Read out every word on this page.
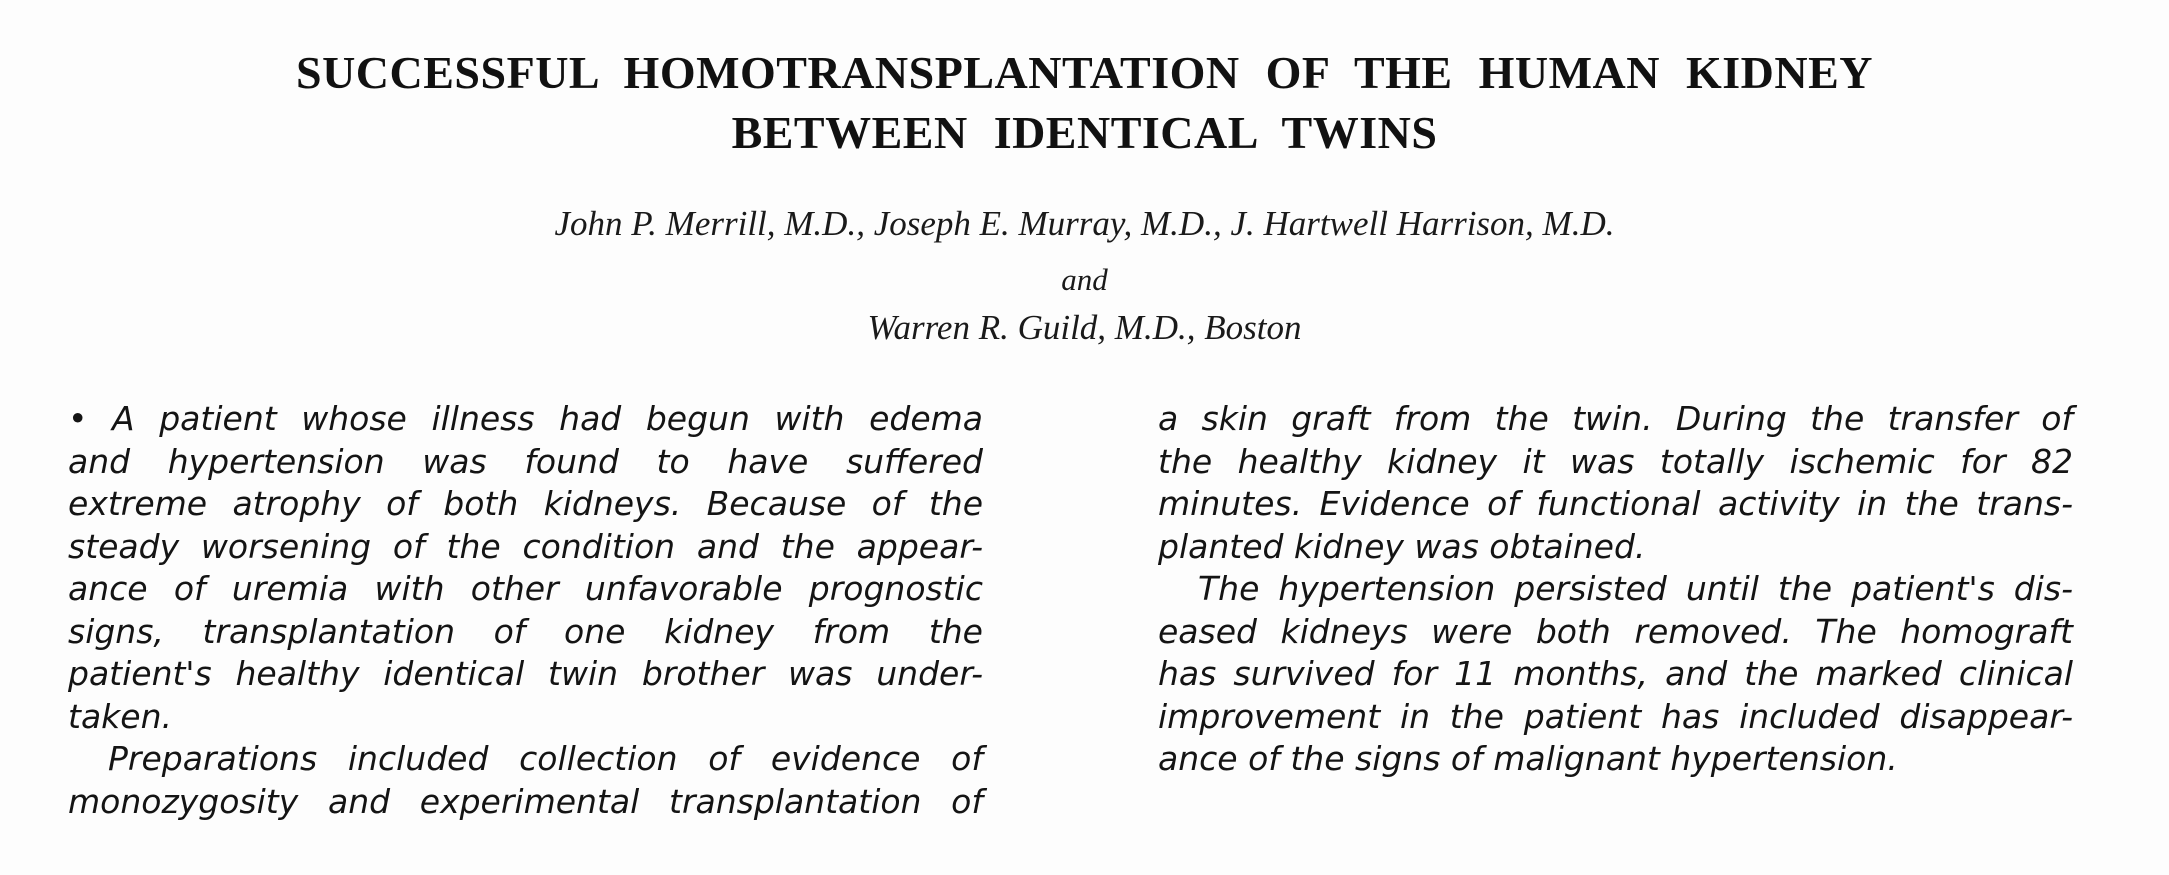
SUCCESSFUL HOMOTRANSPLANTATION OF THE HUMAN KIDNEY
BETWEEN IDENTICAL TWINS
John P. Merrill, M.D., Joseph E. Murray, M.D., J. Hartwell Harrison, M.D.
and
Warren R. Guild, M.D., Boston
• A patient whose illness had begun with edema
and hypertension was found to have suffered
extreme atrophy of both kidneys. Because of the
steady worsening of the condition and the appear-
ance of uremia with other unfavorable prognostic
signs, transplantation of one kidney from the
patient's healthy identical twin brother was under-
taken.
Preparations included collection of evidence of
monozygosity and experimental transplantation of
a skin graft from the twin. During the transfer of
the healthy kidney it was totally ischemic for 82
minutes. Evidence of functional activity in the trans-
planted kidney was obtained.
The hypertension persisted until the patient's dis-
eased kidneys were both removed. The homograft
has survived for 11 months, and the marked clinical
improvement in the patient has included disappear-
ance of the signs of malignant hypertension.
